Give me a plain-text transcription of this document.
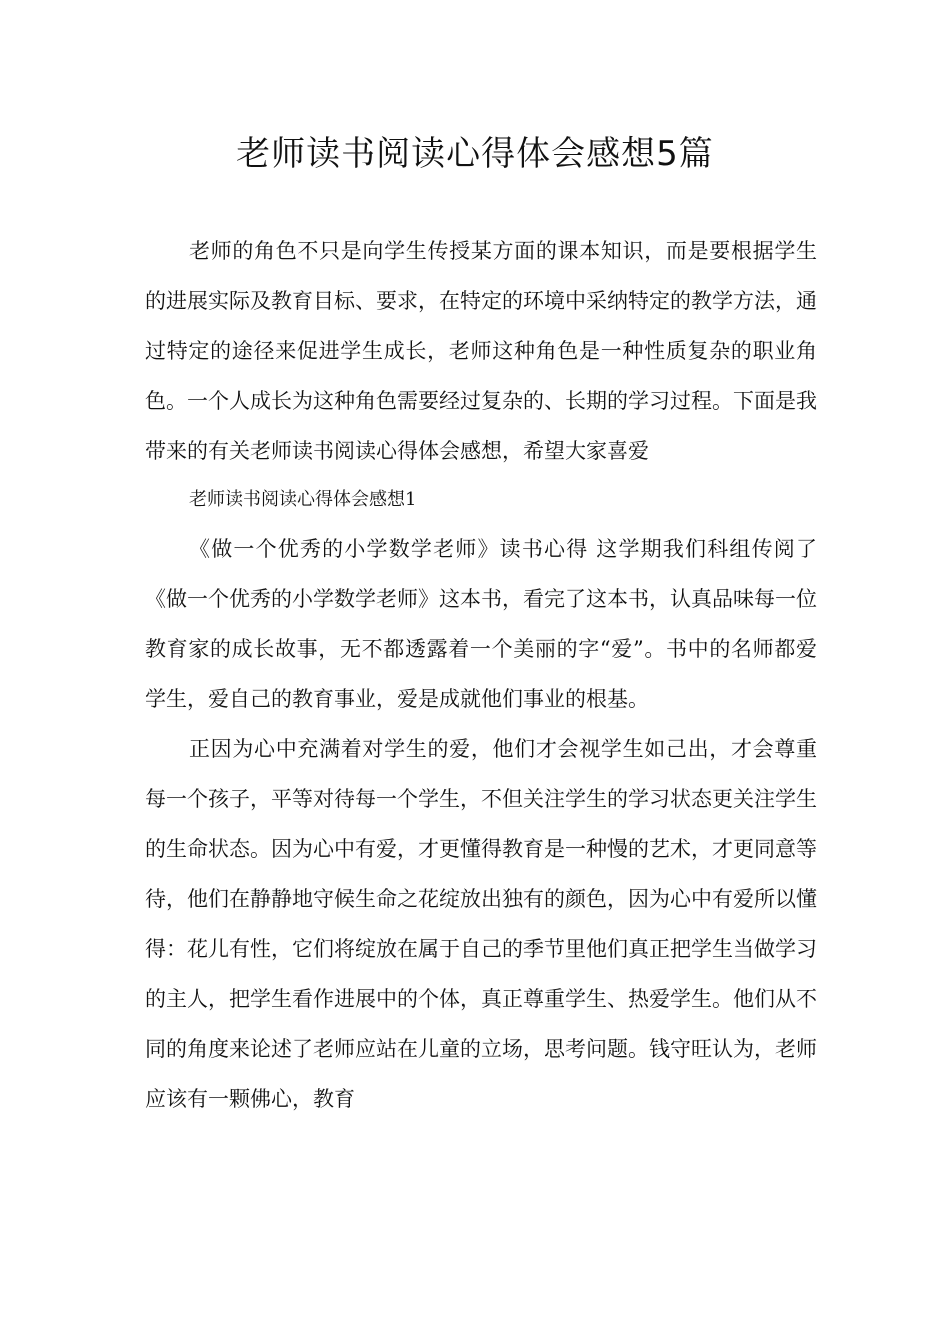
老师读书阅读心得体会感想5篇

老师的角色不只是向学生传授某方面的课本知识，而是要根据学生的进展实际及教育目标、要求，在特定的环境中采纳特定的教学方法，通过特定的途径来促进学生成长，老师这种角色是一种性质复杂的职业角色。一个人成长为这种角色需要经过复杂的、长期的学习过程。下面是我带来的有关老师读书阅读心得体会感想，希望大家喜爱

老师读书阅读心得体会感想1

《做一个优秀的小学数学老师》读书心得 这学期我们科组传阅了《做一个优秀的小学数学老师》这本书，看完了这本书，认真品味每一位教育家的成长故事，无不都透露着一个美丽的字“爱”。书中的名师都爱学生，爱自己的教育事业，爱是成就他们事业的根基。

正因为心中充满着对学生的爱，他们才会视学生如己出，才会尊重每一个孩子，平等对待每一个学生，不但关注学生的学习状态更关注学生的生命状态。因为心中有爱，才更懂得教育是一种慢的艺术，才更同意等待，他们在静静地守候生命之花绽放出独有的颜色，因为心中有爱所以懂得：花儿有性，它们将绽放在属于自己的季节里他们真正把学生当做学习的主人，把学生看作进展中的个体，真正尊重学生、热爱学生。他们从不同的角度来论述了老师应站在儿童的立场，思考问题。钱守旺认为，老师应该有一颗佛心，教育
